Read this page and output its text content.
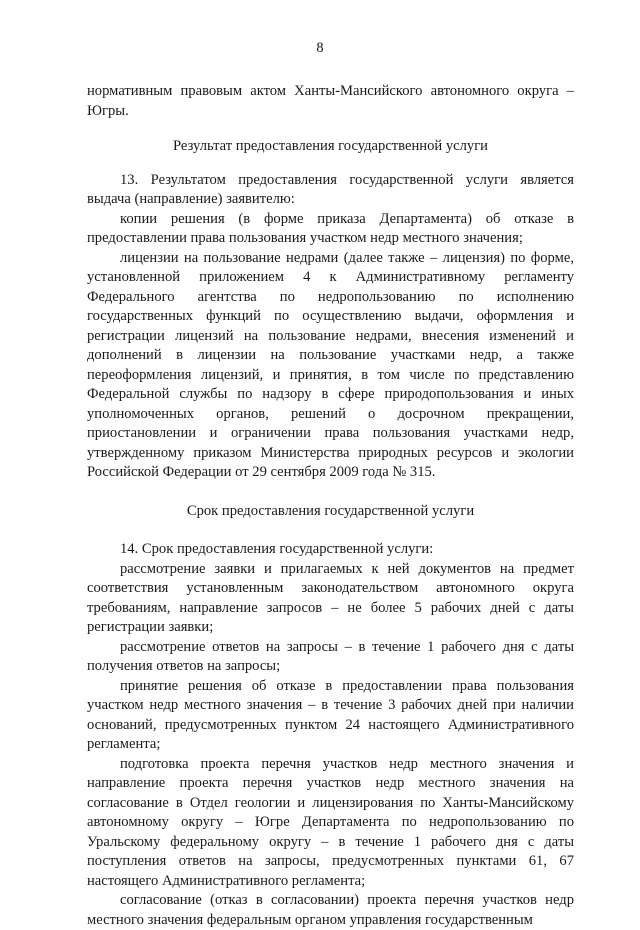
8

нормативным правовым актом Ханты-Мансийского автономного округа – Югры.

Результат предоставления государственной услуги

13. Результатом предоставления государственной услуги является выдача (направление) заявителю:

копии решения (в форме приказа Департамента) об отказе в предоставлении права пользования участком недр местного значения;

лицензии на пользование недрами (далее также – лицензия) по форме, установленной приложением 4 к Административному регламенту Федерального агентства по недропользованию по исполнению государственных функций по осуществлению выдачи, оформления и регистрации лицензий на пользование недрами, внесения изменений и дополнений в лицензии на пользование участками недр, а также переоформления лицензий, и принятия, в том числе по представлению Федеральной службы по надзору в сфере природопользования и иных уполномоченных органов, решений о досрочном прекращении, приостановлении и ограничении права пользования участками недр, утвержденному приказом Министерства природных ресурсов и экологии Российской Федерации от 29 сентября 2009 года № 315.

Срок предоставления государственной услуги

14. Срок предоставления государственной услуги:

рассмотрение заявки и прилагаемых к ней документов на предмет соответствия установленным законодательством автономного округа требованиям, направление запросов – не более 5 рабочих дней с даты регистрации заявки;

рассмотрение ответов на запросы – в течение 1 рабочего дня с даты получения ответов на запросы;

принятие решения об отказе в предоставлении права пользования участком недр местного значения – в течение 3 рабочих дней при наличии оснований, предусмотренных пунктом 24 настоящего Административного регламента;

подготовка проекта перечня участков недр местного значения и направление проекта перечня участков недр местного значения на согласование в Отдел геологии и лицензирования по Ханты-Мансийскому автономному округу – Югре Департамента по недропользованию по Уральскому федеральному округу – в течение 1 рабочего дня с даты поступления ответов на запросы, предусмотренных пунктами 61, 67 настоящего Административного регламента;

согласование (отказ в согласовании) проекта перечня участков недр местного значения федеральным органом управления государственным
